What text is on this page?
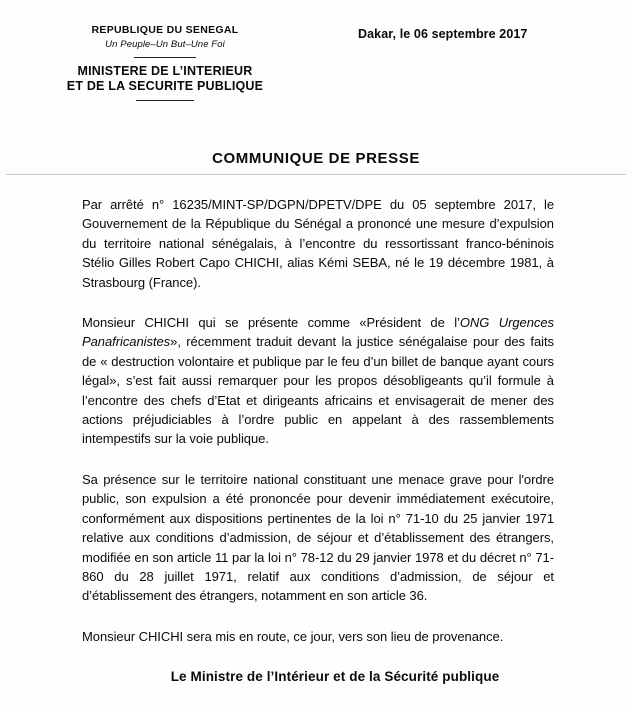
REPUBLIQUE DU SENEGAL
Un Peuple–Un But–Une Foi
MINISTERE DE L’INTERIEUR
ET DE LA SECURITE PUBLIQUE
Dakar, le 06 septembre 2017
COMMUNIQUE DE PRESSE

Par arrêté n° 16235/MINT-SP/DGPN/DPETV/DPE du 05 septembre 2017, le Gouvernement de la République du Sénégal a prononcé une mesure d’expulsion du territoire national sénégalais, à l’encontre du ressortissant franco-béninois Stélio Gilles Robert Capo CHICHI, alias Kémi SEBA, né le 19 décembre 1981, à Strasbourg (France).

Monsieur CHICHI qui se présente comme «Président de l’ONG Urgences Panafricanistes», récemment traduit devant la justice sénégalaise pour des faits de « destruction volontaire et publique par le feu d’un billet de banque ayant cours légal», s’est fait aussi remarquer pour les propos désobligeants qu’il formule à l’encontre des chefs d’Etat et dirigeants africains et envisagerait de mener des actions préjudiciables à l’ordre public en appelant à des rassemblements intempestifs sur la voie publique.

Sa présence sur le territoire national constituant une menace grave pour l'ordre public, son expulsion a été prononcée pour devenir immédiatement exécutoire, conformément aux dispositions pertinentes de la loi n° 71-10 du 25 janvier 1971 relative aux conditions d’admission, de séjour et d’établissement des étrangers, modifiée en son article 11 par la loi n° 78-12 du 29 janvier 1978 et du décret n° 71-860 du 28 juillet 1971, relatif aux conditions d’admission, de séjour et d’établissement des étrangers, notamment en son article 36.

Monsieur CHICHI sera mis en route, ce jour, vers son lieu de provenance.

Le Ministre de l’Intérieur et de la Sécurité publique
